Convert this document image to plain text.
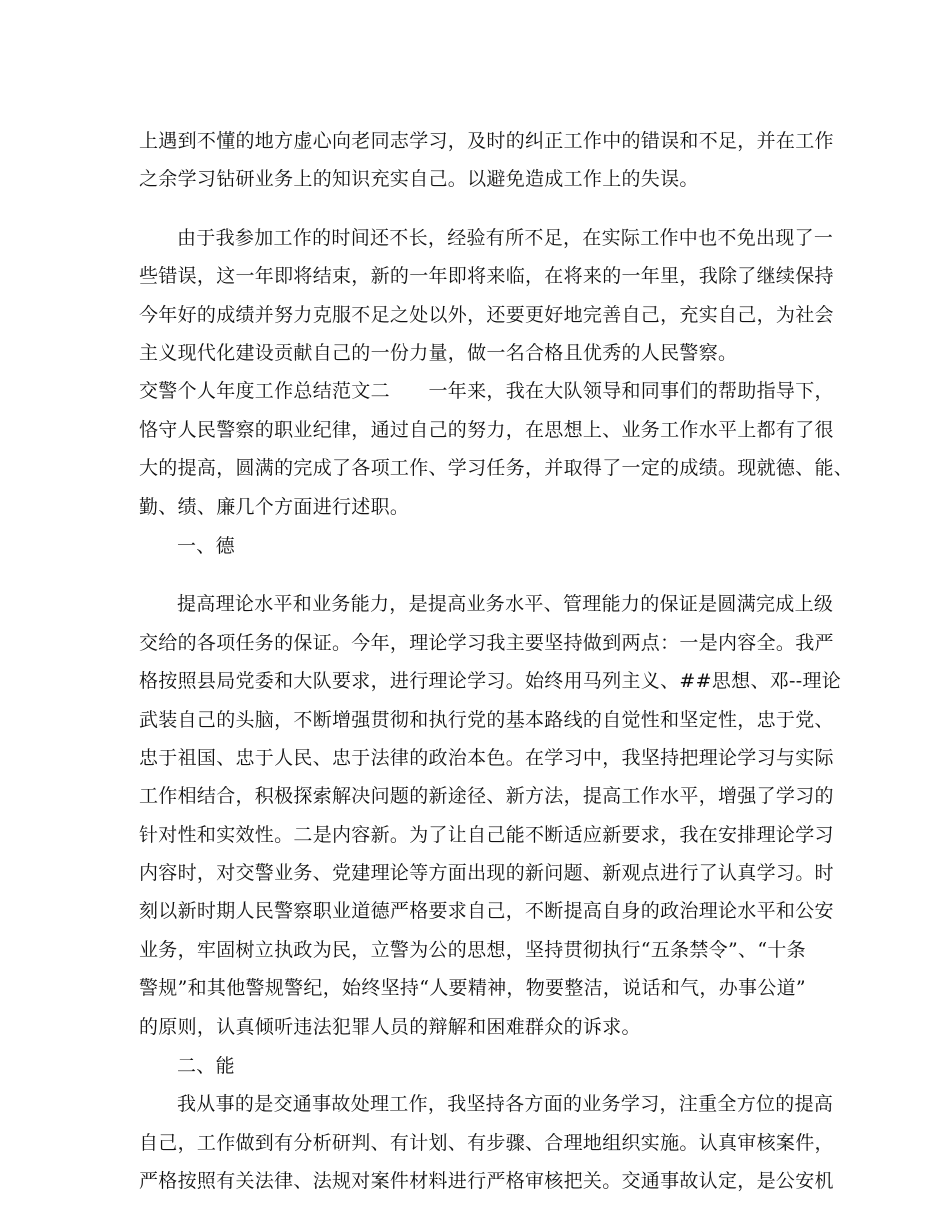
上遇到不懂的地方虚心向老同志学习，及时的纠正工作中的错误和不足，并在工作
之余学习钻研业务上的知识充实自己。以避免造成工作上的失误。
由于我参加工作的时间还不长，经验有所不足，在实际工作中也不免出现了一
些错误，这一年即将结束，新的一年即将来临，在将来的一年里，我除了继续保持
今年好的成绩并努力克服不足之处以外，还要更好地完善自己，充实自己，为社会
主义现代化建设贡献自己的一份力量，做一名合格且优秀的人民警察。
交警个人年度工作总结范文二　　一年来，我在大队领导和同事们的帮助指导下，
恪守人民警察的职业纪律，通过自己的努力，在思想上、业务工作水平上都有了很
大的提高，圆满的完成了各项工作、学习任务，并取得了一定的成绩。现就德、能、
勤、绩、廉几个方面进行述职。
一、德
提高理论水平和业务能力，是提高业务水平、管理能力的保证是圆满完成上级
交给的各项任务的保证。今年，理论学习我主要坚持做到两点：一是内容全。我严
格按照县局党委和大队要求，进行理论学习。始终用马列主义、##思想、邓--理论
武装自己的头脑，不断增强贯彻和执行党的基本路线的自觉性和坚定性，忠于党、
忠于祖国、忠于人民、忠于法律的政治本色。在学习中，我坚持把理论学习与实际
工作相结合，积极探索解决问题的新途径、新方法，提高工作水平，增强了学习的
针对性和实效性。二是内容新。为了让自己能不断适应新要求，我在安排理论学习
内容时，对交警业务、党建理论等方面出现的新问题、新观点进行了认真学习。时
刻以新时期人民警察职业道德严格要求自己，不断提高自身的政治理论水平和公安
业务，牢固树立执政为民，立警为公的思想，坚持贯彻执行“五条禁令”、“十条
警规”和其他警规警纪，始终坚持“人要精神，物要整洁，说话和气，办事公道”
的原则，认真倾听违法犯罪人员的辩解和困难群众的诉求。
二、能
我从事的是交通事故处理工作，我坚持各方面的业务学习，注重全方位的提高
自己，工作做到有分析研判、有计划、有步骤、合理地组织实施。认真审核案件，
严格按照有关法律、法规对案件材料进行严格审核把关。交通事故认定，是公安机
